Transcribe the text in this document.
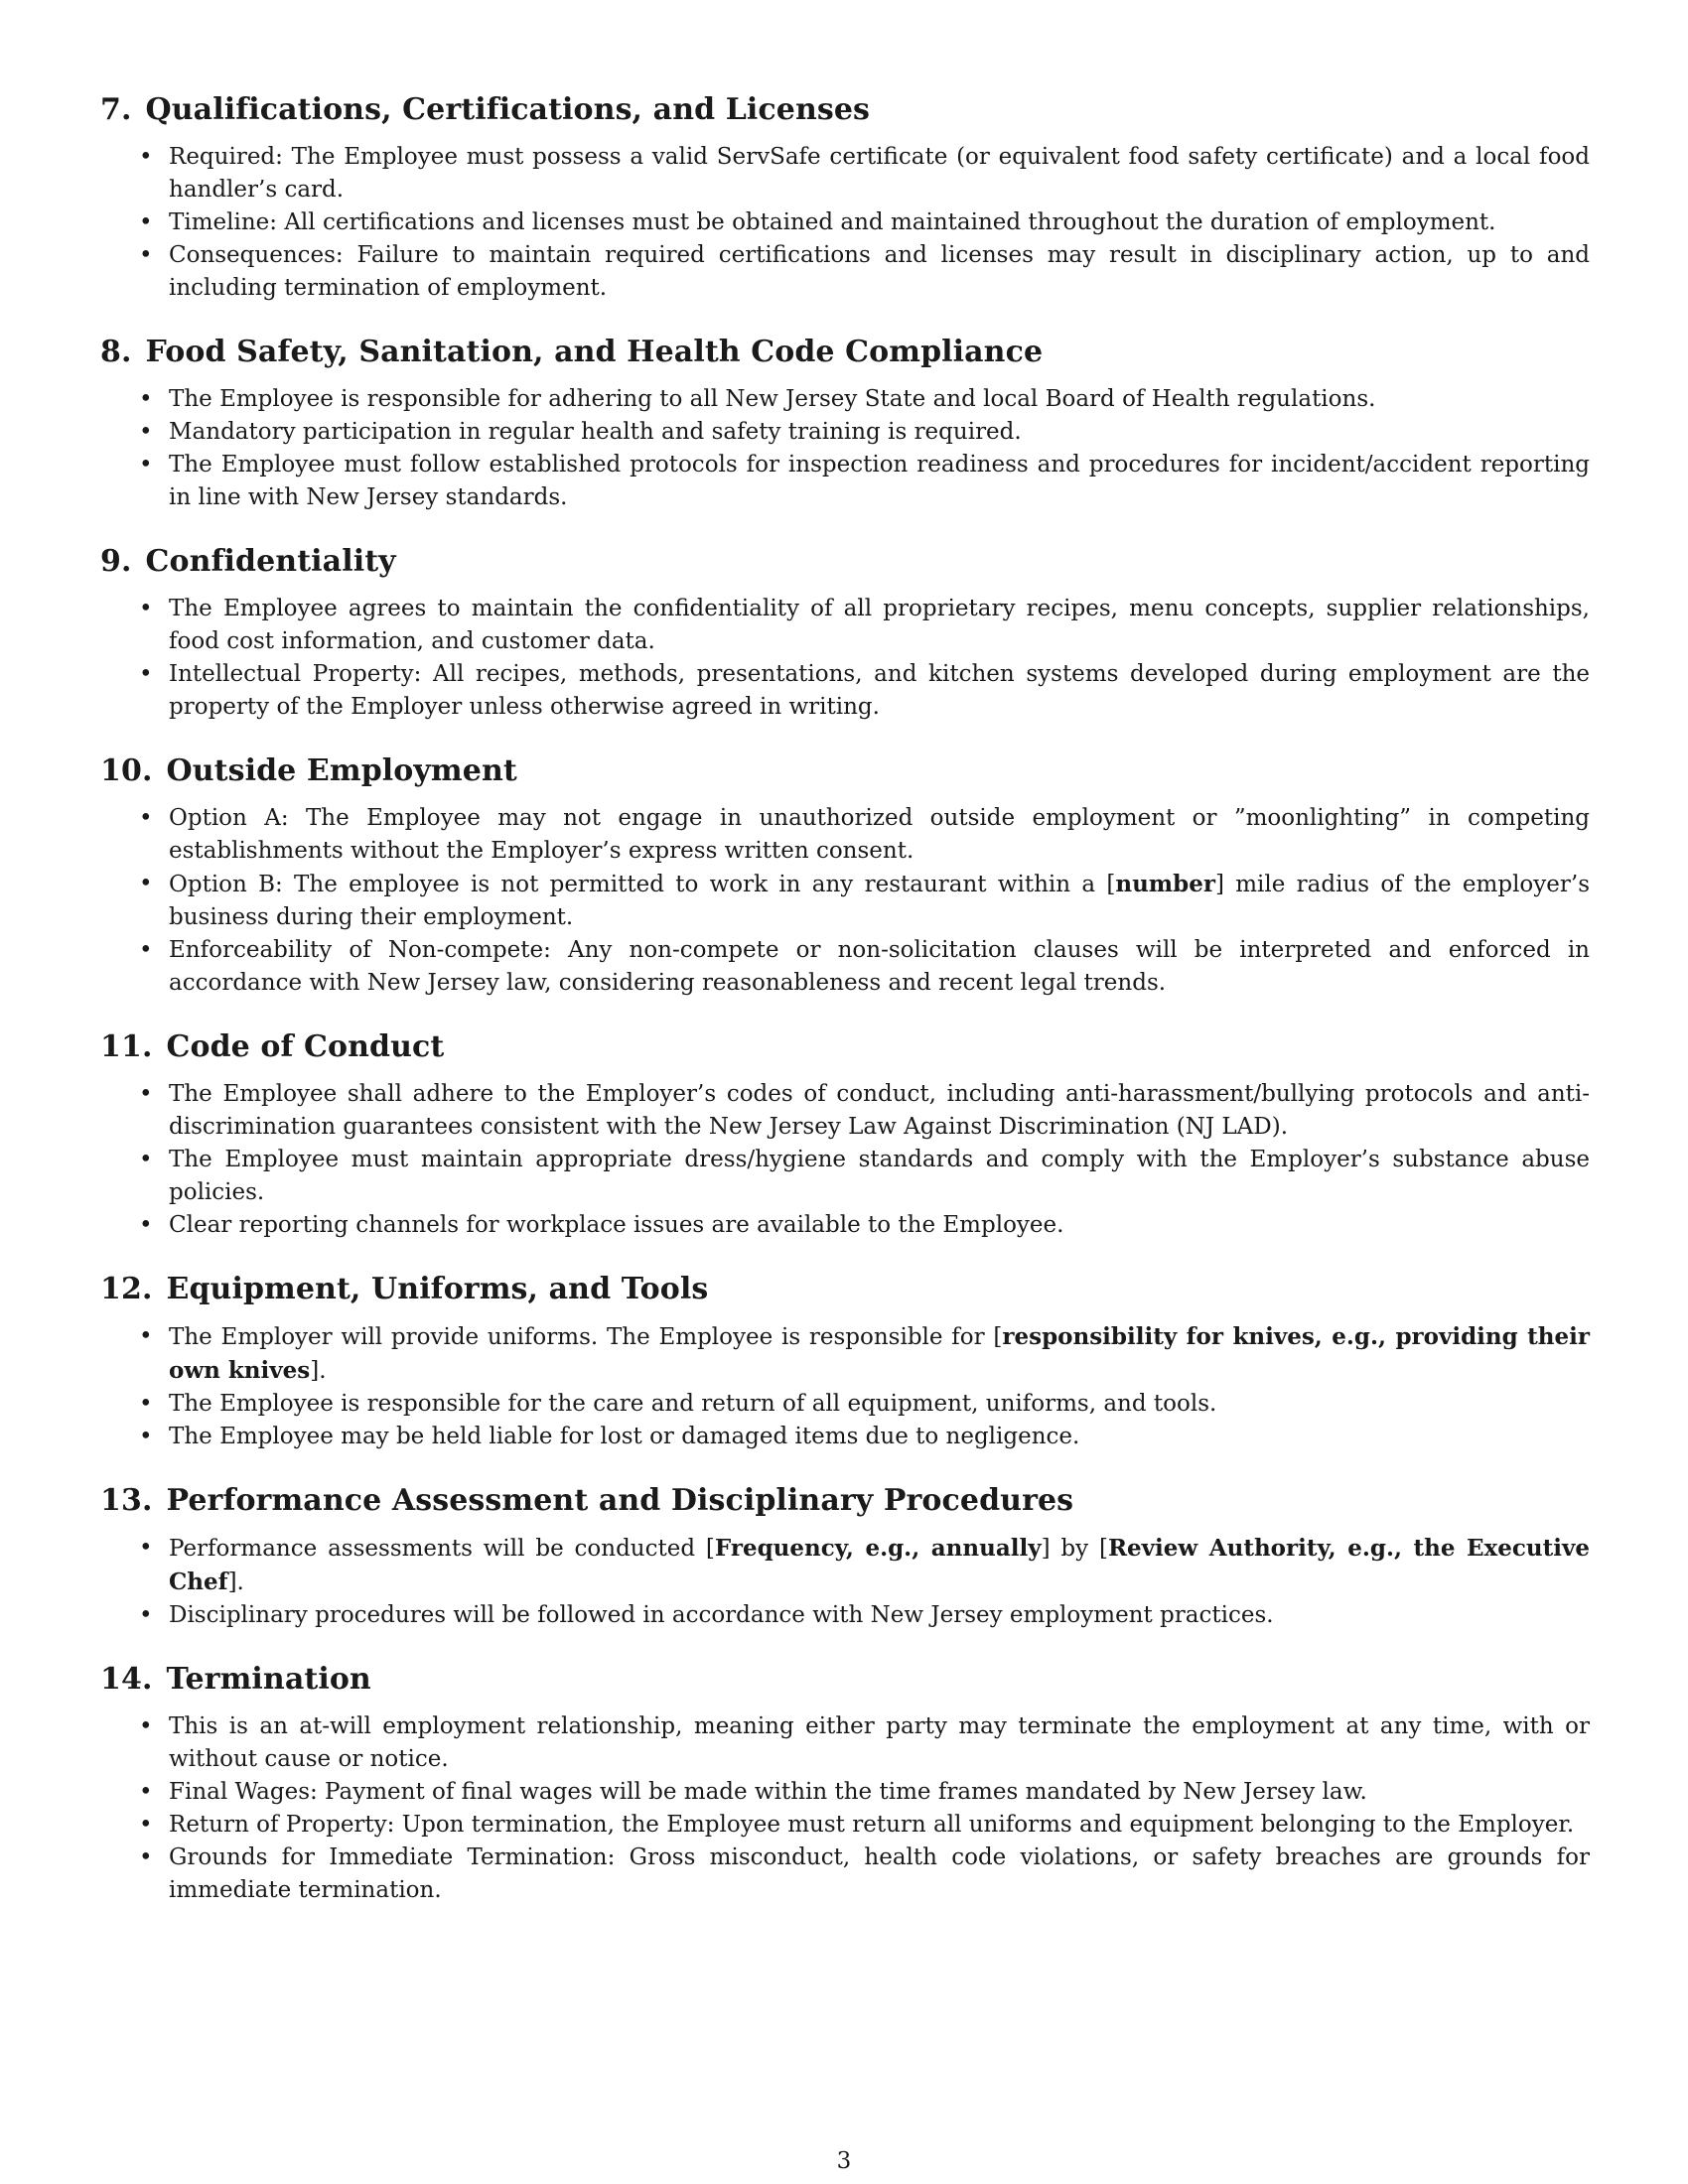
7. Qualifications, Certifications, and Licenses
• Required: The Employee must possess a valid ServSafe certificate (or equivalent food safety certificate) and a local food handler’s card.
• Timeline: All certifications and licenses must be obtained and maintained throughout the duration of employment.
• Consequences: Failure to maintain required certifications and licenses may result in disciplinary action, up to and including termination of employment.
8. Food Safety, Sanitation, and Health Code Compliance
• The Employee is responsible for adhering to all New Jersey State and local Board of Health regulations.
• Mandatory participation in regular health and safety training is required.
• The Employee must follow established protocols for inspection readiness and procedures for incident/accident reporting in line with New Jersey standards.
9. Confidentiality
• The Employee agrees to maintain the confidentiality of all proprietary recipes, menu concepts, supplier relationships, food cost information, and customer data.
• Intellectual Property: All recipes, methods, presentations, and kitchen systems developed during employment are the property of the Employer unless otherwise agreed in writing.
10. Outside Employment
• Option A: The Employee may not engage in unauthorized outside employment or ”moonlighting” in competing establishments without the Employer’s express written consent.
• Option B: The employee is not permitted to work in any restaurant within a [number] mile radius of the employer’s business during their employment.
• Enforceability of Non-compete: Any non-compete or non-solicitation clauses will be interpreted and enforced in accordance with New Jersey law, considering reasonableness and recent legal trends.
11. Code of Conduct
• The Employee shall adhere to the Employer’s codes of conduct, including anti-harassment/bullying protocols and anti-discrimination guarantees consistent with the New Jersey Law Against Discrimination (NJ LAD).
• The Employee must maintain appropriate dress/hygiene standards and comply with the Employer’s substance abuse policies.
• Clear reporting channels for workplace issues are available to the Employee.
12. Equipment, Uniforms, and Tools
• The Employer will provide uniforms. The Employee is responsible for [responsibility for knives, e.g., providing their own knives].
• The Employee is responsible for the care and return of all equipment, uniforms, and tools.
• The Employee may be held liable for lost or damaged items due to negligence.
13. Performance Assessment and Disciplinary Procedures
• Performance assessments will be conducted [Frequency, e.g., annually] by [Review Authority, e.g., the Executive Chef].
• Disciplinary procedures will be followed in accordance with New Jersey employment practices.
14. Termination
• This is an at-will employment relationship, meaning either party may terminate the employment at any time, with or without cause or notice.
• Final Wages: Payment of final wages will be made within the time frames mandated by New Jersey law.
• Return of Property: Upon termination, the Employee must return all uniforms and equipment belonging to the Employer.
• Grounds for Immediate Termination: Gross misconduct, health code violations, or safety breaches are grounds for immediate termination.
3
